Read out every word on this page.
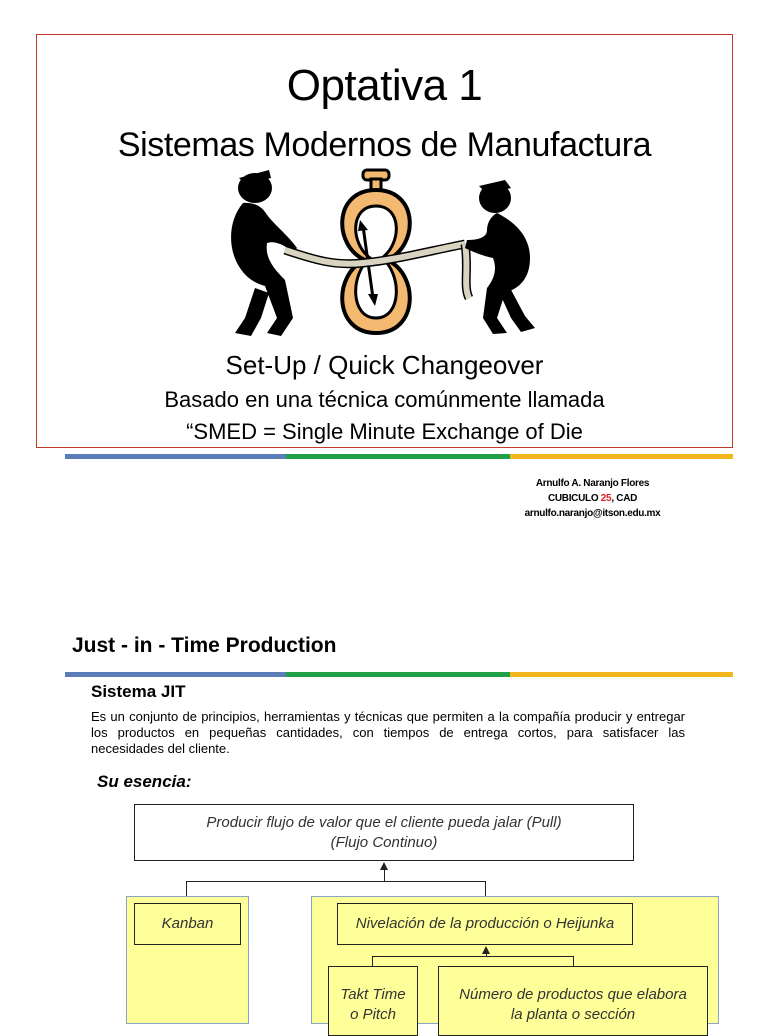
Optativa 1
Sistemas Modernos de Manufactura
Set-Up / Quick Changeover
Basado en una técnica comúnmente llamada
“SMED = Single Minute Exchange of Die
Arnulfo A. Naranjo Flores
CUBICULO 25, CAD
arnulfo.naranjo@itson.edu.mx
Just - in - Time Production
Sistema JIT
Es un conjunto de principios, herramientas y técnicas que permiten a la compañía producir y entregar los productos en pequeñas cantidades, con tiempos de entrega cortos, para satisfacer las necesidades del cliente.
Su esencia:
Producir flujo de valor que el cliente pueda jalar (Pull)
(Flujo Continuo)
Kanban	Nivelación de la producción o Heijunka
Takt Time
o Pitch
Número de productos que elabora
la planta o sección
